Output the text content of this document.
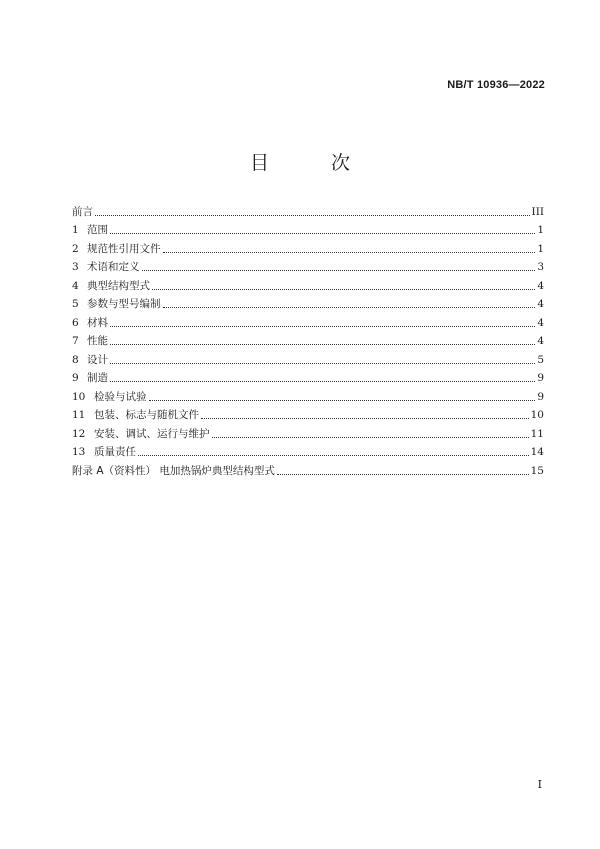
NB/T 10936—2022
目 次
前言	III
1 范围	1
2 规范性引用文件	1
3 术语和定义	3
4 典型结构型式	4
5 参数与型号编制	4
6 材料	4
7 性能	4
8 设计	5
9 制造	9
10 检验与试验	9
11 包装、标志与随机文件	10
12 安装、调试、运行与维护	11
13 质量责任	14
附录 A（资料性） 电加热锅炉典型结构型式	15
I
